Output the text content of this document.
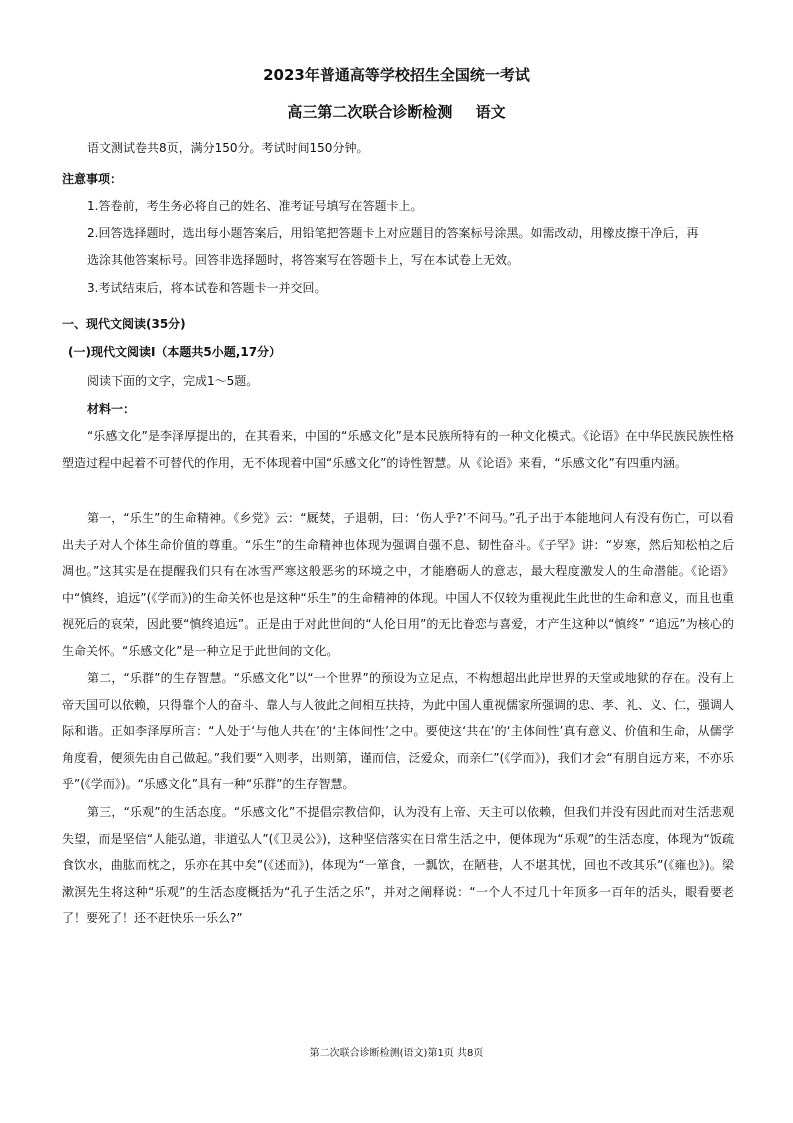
2023年普通高等学校招生全国统一考试
高三第二次联合诊断检测 语文
语文测试卷共8页，满分150分。考试时间150分钟。
注意事项：
1.答卷前，考生务必将自己的姓名、准考证号填写在答题卡上。
2.回答选择题时，选出每小题答案后，用铅笔把答题卡上对应题目的答案标号涂黑。如需改动，用橡皮擦干净后，再
选涂其他答案标号。回答非选择题时，将答案写在答题卡上，写在本试卷上无效。
3.考试结束后，将本试卷和答题卡一并交回。
一、现代文阅读(35分)
(一)现代文阅读Ⅰ（本题共5小题,17分）
阅读下面的文字，完成1～5题。
材料一：
“乐感文化”是李泽厚提出的，在其看来，中国的“乐感文化”是本民族所特有的一种文化模式。《论语》在中华民族民族性格塑造过程中起着不可替代的作用，无不体现着中国“乐感文化”的诗性智慧。从《论语》来看，“乐感文化”有四重内涵。
第一，“乐生”的生命精神。《乡党》云：“厩焚，子退朝，曰：‘伤人乎?’不问马。”孔子出于本能地问人有没有伤亡，可以看出夫子对人个体生命价值的尊重。“乐生”的生命精神也体现为强调自强不息、韧性奋斗。《子罕》讲：“岁寒，然后知松柏之后凋也。”这其实是在提醒我们只有在冰雪严寒这般恶劣的环境之中，才能磨砺人的意志，最大程度激发人的生命潜能。《论语》中“慎终，追远”(《学而》)的生命关怀也是这种“乐生”的生命精神的体现。中国人不仅较为重视此生此世的生命和意义，而且也重视死后的哀荣，因此要“慎终追远”。正是由于对此世间的“人伦日用”的无比眷恋与喜爱，才产生这种以“慎终” “追远”为核心的生命关怀。“乐感文化”是一种立足于此世间的文化。
第二，“乐群”的生存智慧。“乐感文化”以“一个世界”的预设为立足点，不构想超出此岸世界的天堂或地狱的存在。没有上帝天国可以依赖，只得靠个人的奋斗、靠人与人彼此之间相互扶持，为此中国人重视儒家所强调的忠、孝、礼、义、仁，强调人际和谐。正如李泽厚所言：“人处于‘与他人共在’的‘主体间性’之中。要使这‘共在’的‘主体间性’真有意义、价值和生命，从儒学角度看，便须先由自己做起。”我们要“入则孝，出则第，谨而信，泛爱众，而亲仁”(《学而》)，我们才会“有朋自远方来，不亦乐乎”(《学而》)。“乐感文化”具有一种“乐群”的生存智慧。
第三，“乐观”的生活态度。“乐感文化”不提倡宗教信仰，认为没有上帝、天主可以依赖，但我们并没有因此而对生活悲观失望，而是坚信“人能弘道，非道弘人”(《卫灵公》)，这种坚信落实在日常生活之中，便体现为“乐观”的生活态度，体现为“饭疏食饮水，曲肱而枕之，乐亦在其中矣”(《述而》)，体现为“一箪食，一瓢饮，在陋巷，人不堪其忧，回也不改其乐”(《雍也》)。梁漱溟先生将这种“乐观”的生活态度概括为“孔子生活之乐”，并对之阐释说：“一个人不过几十年顶多一百年的活头，眼看要老了！要死了！还不赶快乐一乐么?”
第二次联合诊断检测(语文)第1页 共8页
